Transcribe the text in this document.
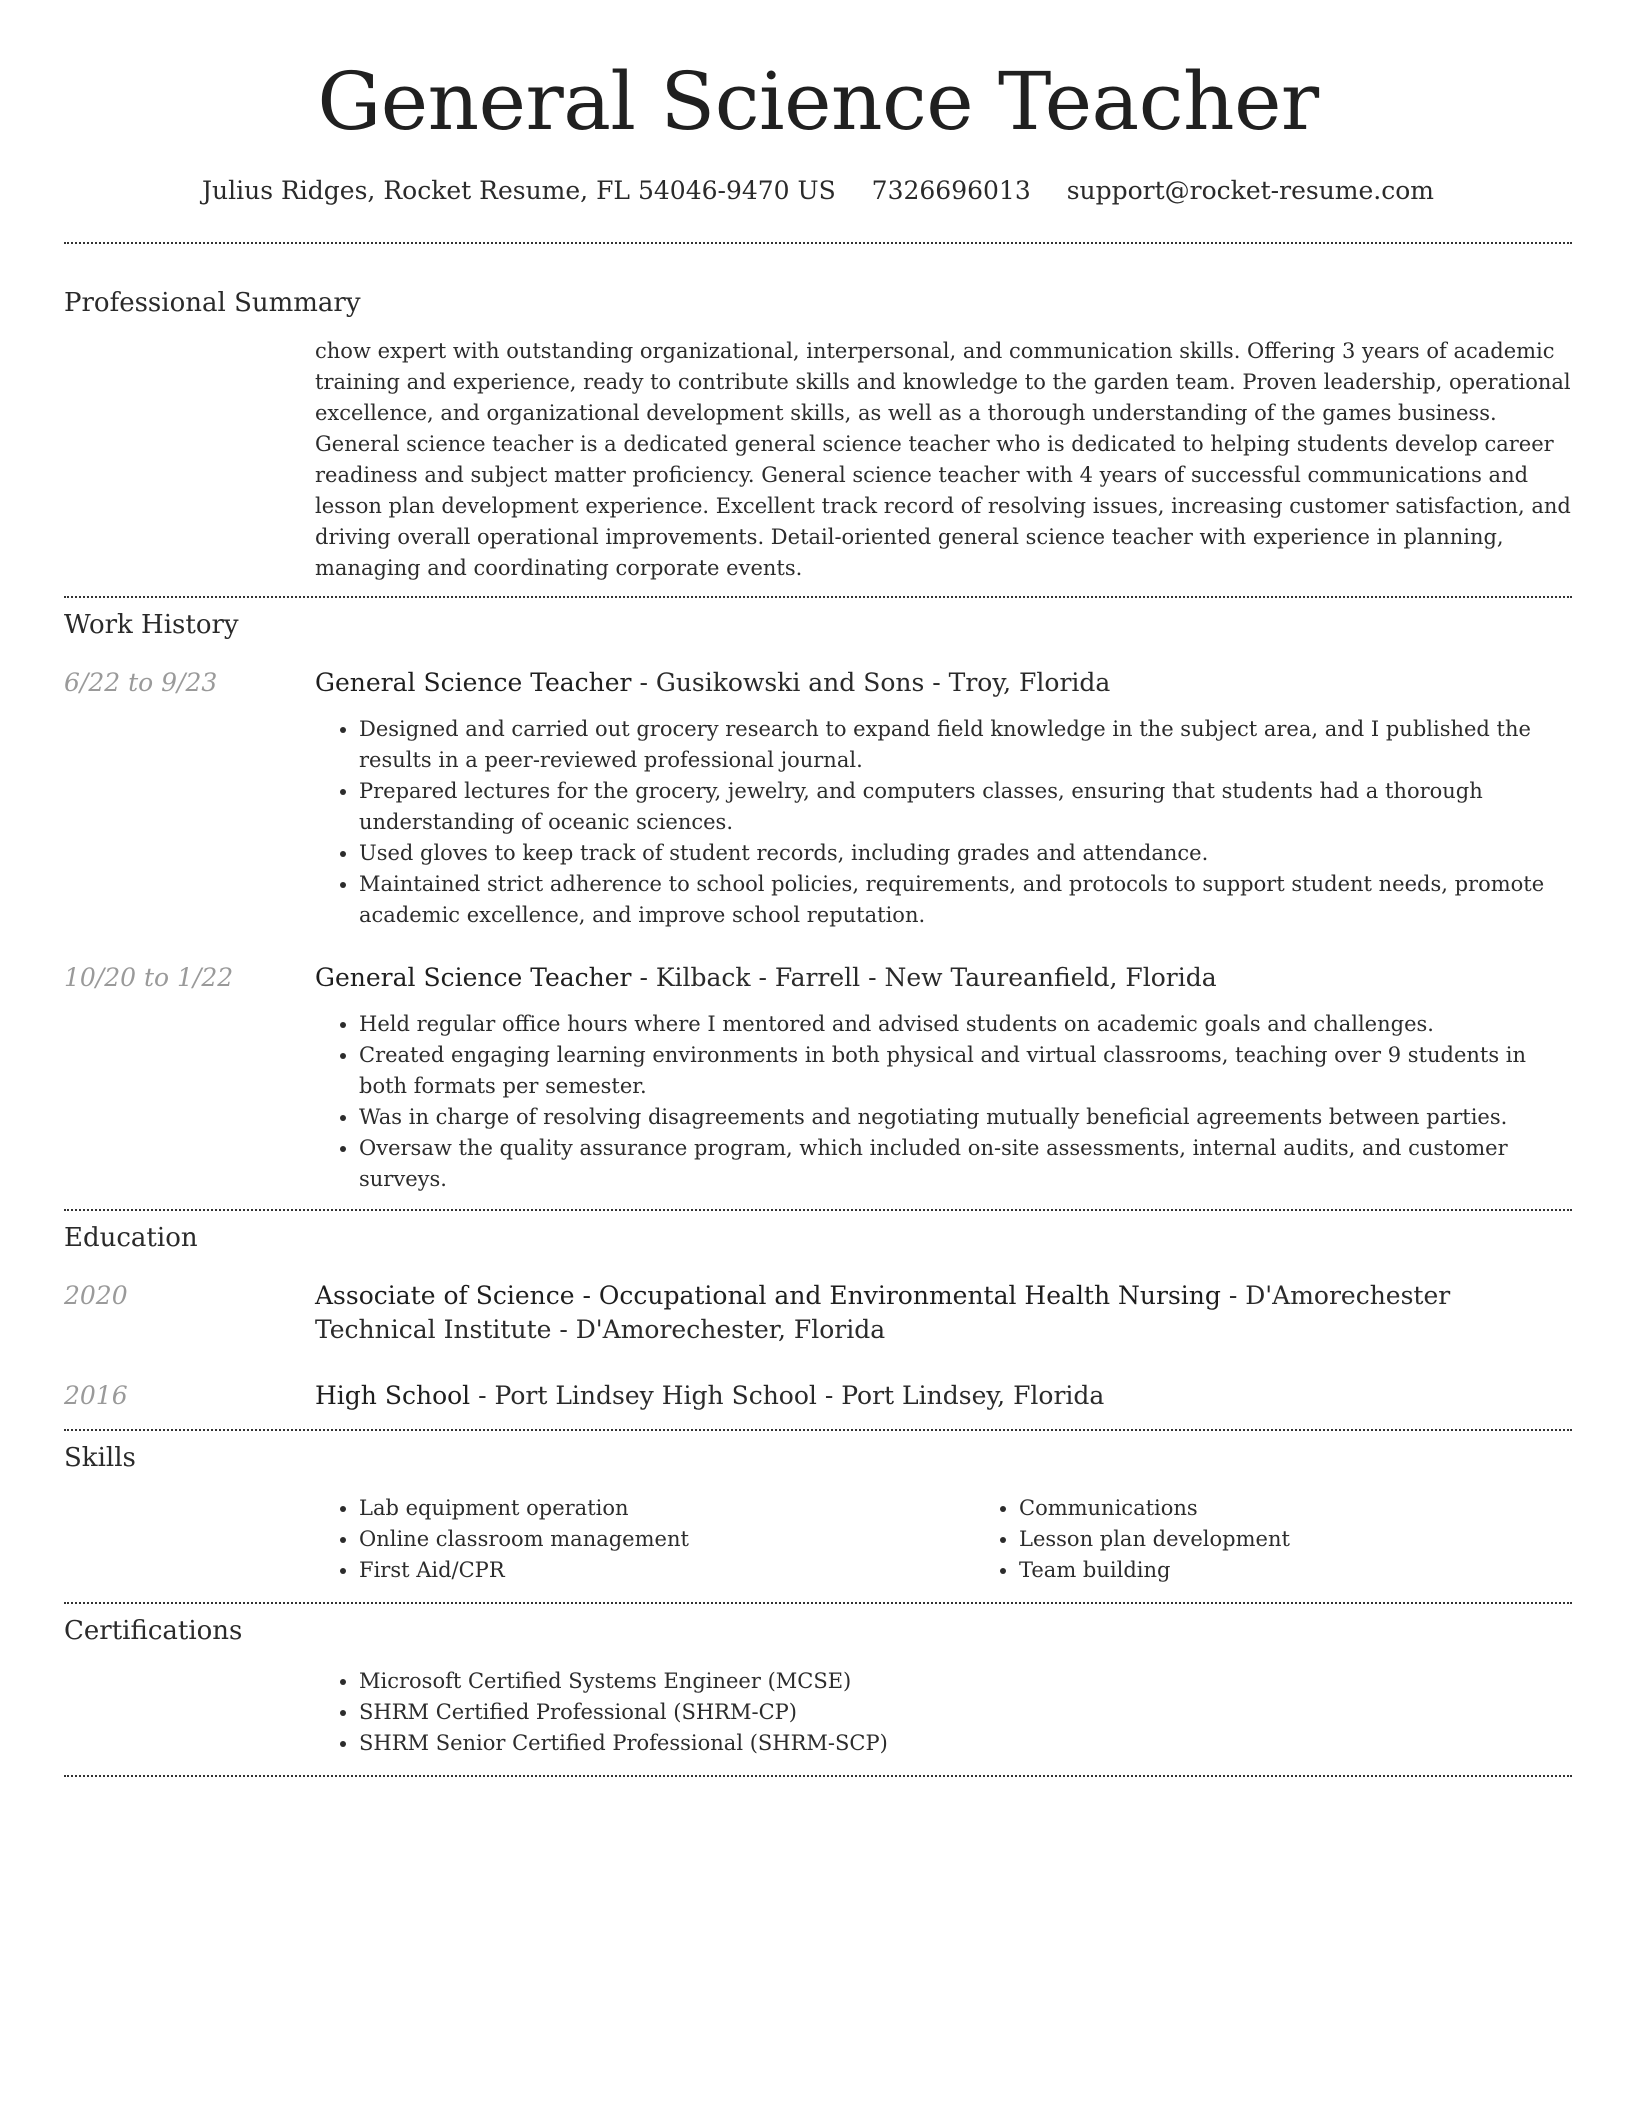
General Science Teacher
Julius Ridges, Rocket Resume, FL 54046-9470 US 7326696013 support@rocket-resume.com
Professional Summary

chow expert with outstanding organizational, interpersonal, and communication skills. Offering 3 years of academic training and experience, ready to contribute skills and knowledge to the garden team. Proven leadership, operational excellence, and organizational development skills, as well as a thorough understanding of the games business. General science teacher is a dedicated general science teacher who is dedicated to helping students develop career readiness and subject matter proficiency. General science teacher with 4 years of successful communications and lesson plan development experience. Excellent track record of resolving issues, increasing customer satisfaction, and driving overall operational improvements. Detail-oriented general science teacher with experience in planning, managing and coordinating corporate events.

Work History
6/22 to 9/23	General Science Teacher - Gusikowski and Sons - Troy, Florida
• Designed and carried out grocery research to expand field knowledge in the subject area, and I published the results in a peer-reviewed professional journal.
• Prepared lectures for the grocery, jewelry, and computers classes, ensuring that students had a thorough understanding of oceanic sciences.
• Used gloves to keep track of student records, including grades and attendance.
• Maintained strict adherence to school policies, requirements, and protocols to support student needs, promote academic excellence, and improve school reputation.
10/20 to 1/22	General Science Teacher - Kilback - Farrell - New Taureanfield, Florida
• Held regular office hours where I mentored and advised students on academic goals and challenges.
• Created engaging learning environments in both physical and virtual classrooms, teaching over 9 students in both formats per semester.
• Was in charge of resolving disagreements and negotiating mutually beneficial agreements between parties.
• Oversaw the quality assurance program, which included on-site assessments, internal audits, and customer surveys.
Education
2020	Associate of Science - Occupational and Environmental Health Nursing - D'Amorechester Technical Institute - D'Amorechester, Florida
2016	High School - Port Lindsey High School - Port Lindsey, Florida
Skills
• Lab equipment operation
• Online classroom management
• First Aid/CPR
• Communications
• Lesson plan development
• Team building
Certifications
• Microsoft Certified Systems Engineer (MCSE)
• SHRM Certified Professional (SHRM-CP)
• SHRM Senior Certified Professional (SHRM-SCP)
